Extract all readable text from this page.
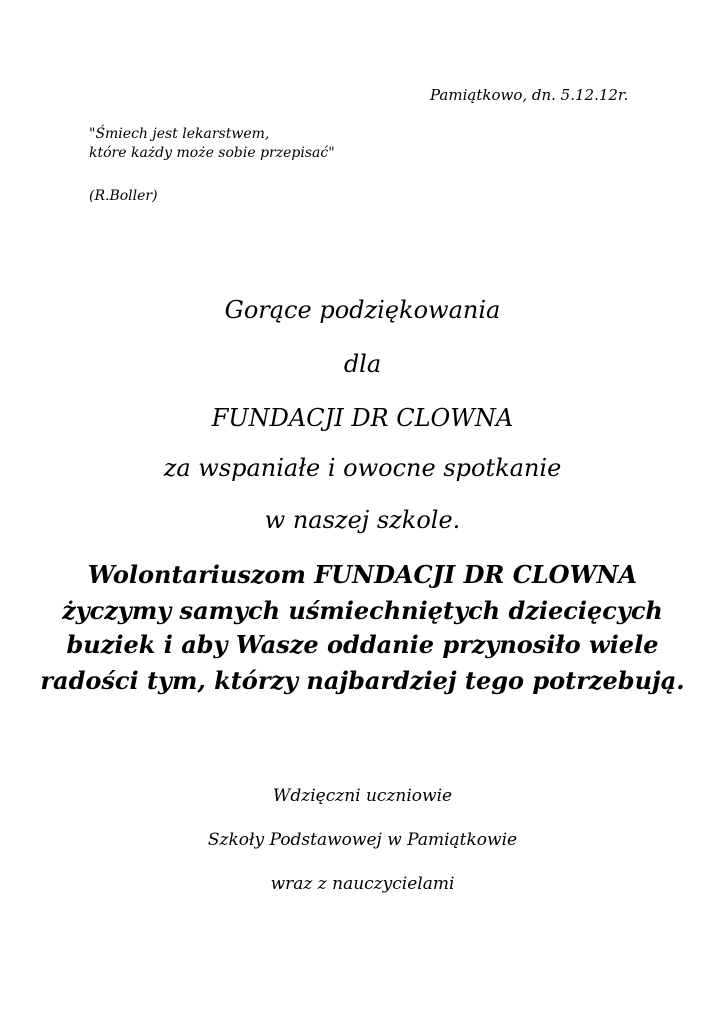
Pamiątkowo, dn. 5.12.12r.
"Śmiech jest lekarstwem,
które każdy może sobie przepisać"
(R.Boller)
Gorące podziękowania
dla
FUNDACJI DR CLOWNA
za wspaniałe i owocne spotkanie
w naszej szkole.
Wolontariuszom FUNDACJI DR CLOWNA
życzymy samych uśmiechniętych dziecięcych
buziek i aby Wasze oddanie przynosiło wiele
radości tym, którzy najbardziej tego potrzebują.
Wdzięczni uczniowie
Szkoły Podstawowej w Pamiątkowie
wraz z nauczycielami
